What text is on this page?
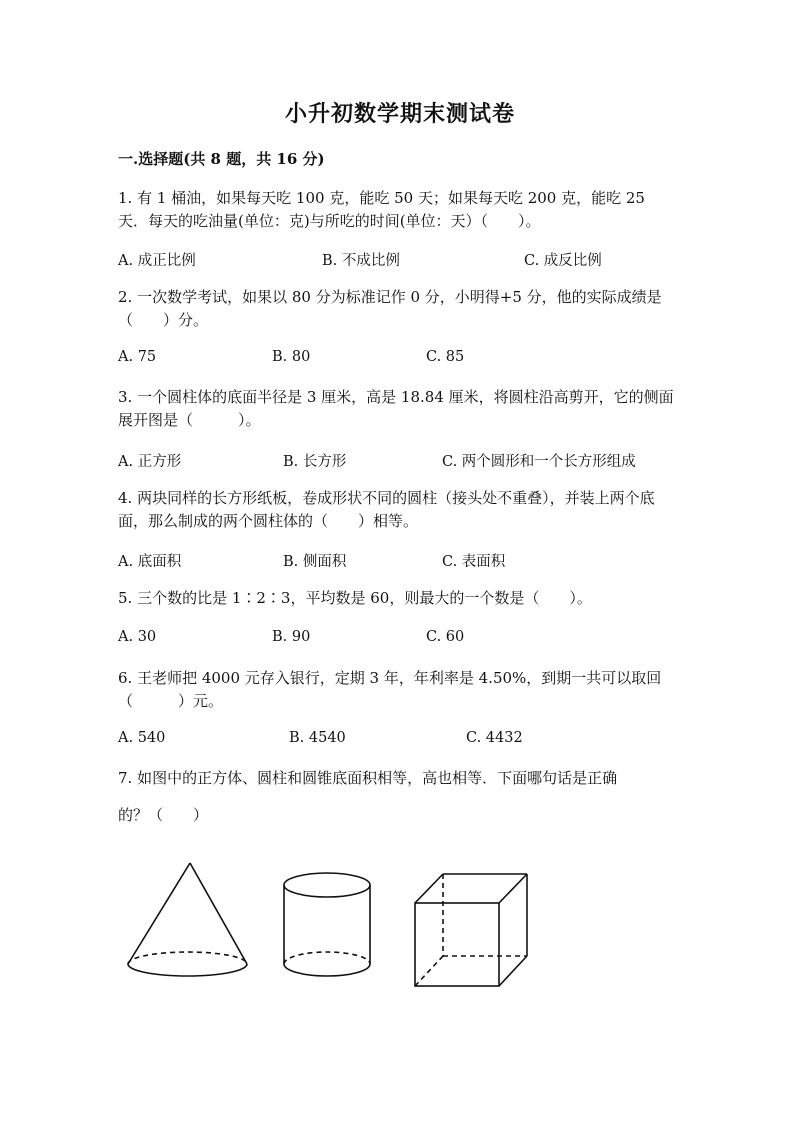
小升初数学期末测试卷
一.选择题(共 8 题，共 16 分)
1. 有 1 桶油，如果每天吃 100 克，能吃 50 天；如果每天吃 200 克，能吃 25 天．每天的吃油量(单位：克)与所吃的时间(单位：天）（　　）。
A. 成正比例	B. 不成比例	C. 成反比例
2. 一次数学考试，如果以 80 分为标准记作 0 分，小明得+5 分，他的实际成绩是（　　）分。
A. 75	B. 80	C. 85
3. 一个圆柱体的底面半径是 3 厘米，高是 18.84 厘米，将圆柱沿高剪开，它的侧面展开图是（　　　）。
A. 正方形	B. 长方形	C. 两个圆形和一个长方形组成
4. 两块同样的长方形纸板，卷成形状不同的圆柱（接头处不重叠），并装上两个底面，那么制成的两个圆柱体的（　　）相等。
A. 底面积	B. 侧面积	C. 表面积
5. 三个数的比是 1∶2∶3，平均数是 60，则最大的一个数是（　　）。
A. 30	B. 90	C. 60
6. 王老师把 4000 元存入银行，定期 3 年，年利率是 4.50%，到期一共可以取回（　　　）元。
A. 540	B. 4540	C. 4432
7. 如图中的正方体、圆柱和圆锥底面积相等，高也相等．下面哪句话是正确
的？（　　）
